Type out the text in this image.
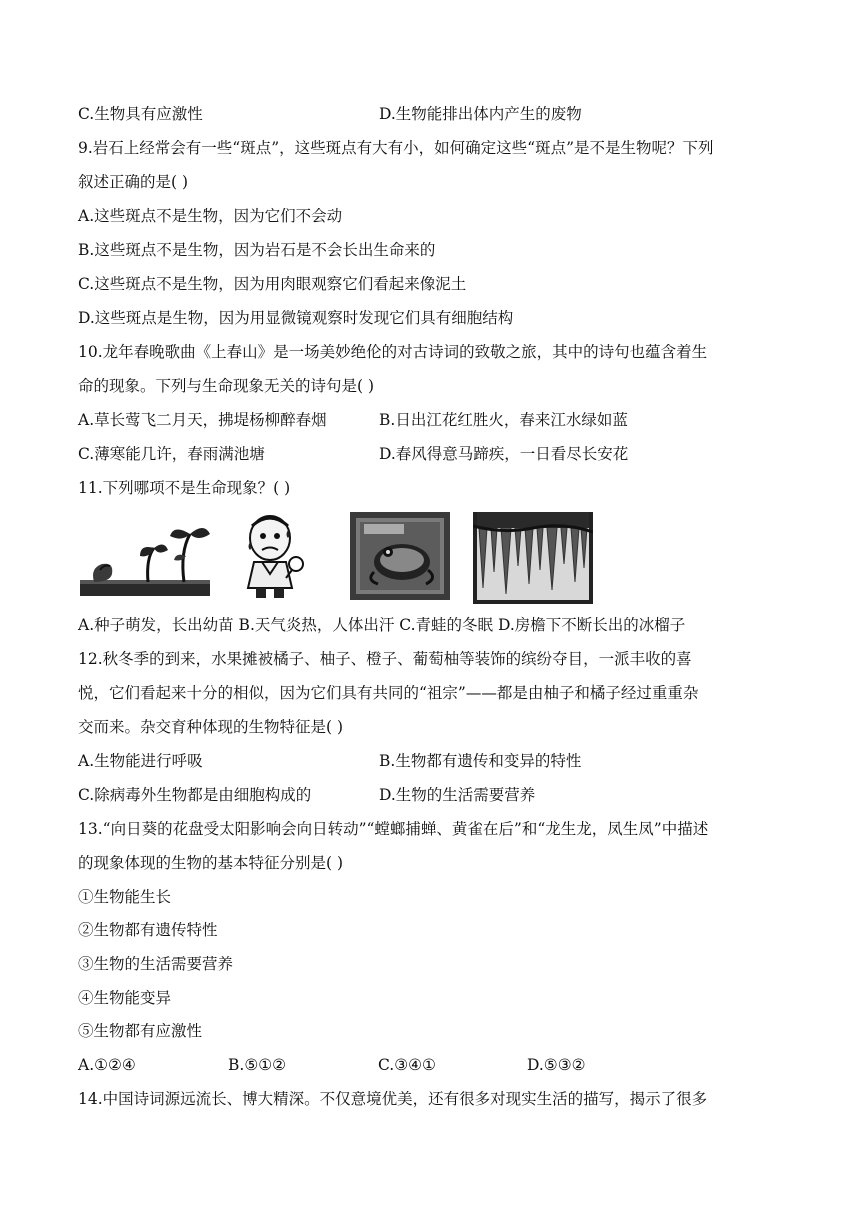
C.生物具有应激性	D.生物能排出体内产生的废物
9.岩石上经常会有一些“斑点”，这些斑点有大有小，如何确定这些“斑点”是不是生物呢？下列
叙述正确的是( )
A.这些斑点不是生物，因为它们不会动
B.这些斑点不是生物，因为岩石是不会长出生命来的
C.这些斑点不是生物，因为用肉眼观察它们看起来像泥土
D.这些斑点是生物，因为用显微镜观察时发现它们具有细胞结构
10.龙年春晚歌曲《上春山》是一场美妙绝伦的对古诗词的致敬之旅，其中的诗句也蕴含着生
命的现象。下列与生命现象无关的诗句是( )
A.草长莺飞二月天，拂堤杨柳醉春烟	B.日出江花红胜火，春来江水绿如蓝
C.薄寒能几许，春雨满池塘	D.春风得意马蹄疾，一日看尽长安花
11.下列哪项不是生命现象？( )
A.种子萌发，长出幼苗 B.天气炎热，人体出汗 C.青蛙的冬眠 D.房檐下不断长出的冰榴子
12.秋冬季的到来，水果摊被橘子、柚子、橙子、葡萄柚等装饰的缤纷夺目，一派丰收的喜
悦，它们看起来十分的相似，因为它们具有共同的“祖宗”——都是由柚子和橘子经过重重杂
交而来。杂交育种体现的生物特征是( )
A.生物能进行呼吸	B.生物都有遗传和变异的特性
C.除病毒外生物都是由细胞构成的	D.生物的生活需要营养
13.“向日葵的花盘受太阳影响会向日转动”“螳螂捕蝉、黄雀在后”和“龙生龙，凤生凤”中描述
的现象体现的生物的基本特征分别是( )
①生物能生长
②生物都有遗传特性
③生物的生活需要营养
④生物能变异
⑤生物都有应激性
A.①②④	B.⑤①②	C.③④①	D.⑤③②
14.中国诗词源远流长、博大精深。不仅意境优美，还有很多对现实生活的描写，揭示了很多
